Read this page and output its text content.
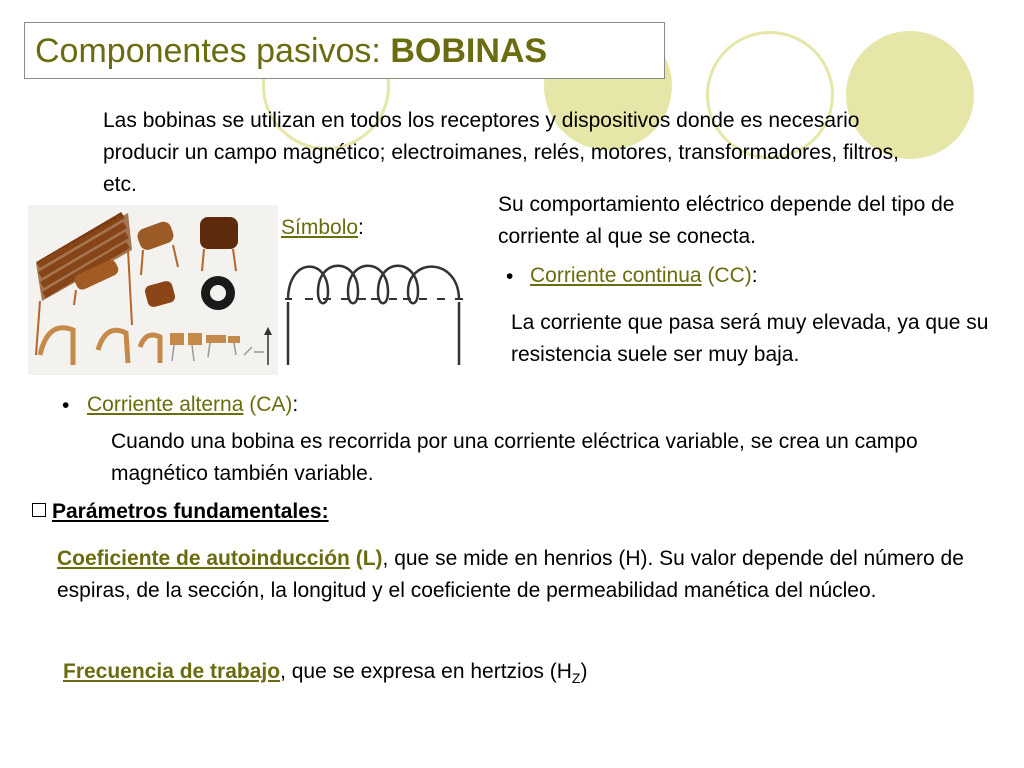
Componentes pasivos: BOBINAS
Las bobinas se utilizan en todos los receptores y dispositivos donde es necesario producir un campo magnético; electroimanes, relés, motores, transformadores, filtros, etc.
Símbolo:
Su comportamiento eléctrico depende del tipo de corriente al que se conecta.
• Corriente continua (CC):
La corriente que pasa será muy elevada, ya que su resistencia suele ser muy baja.
• Corriente alterna (CA):
Cuando una bobina es recorrida por una corriente eléctrica variable, se crea un campo magnético también variable.
Parámetros fundamentales:
Coeficiente de autoinducción (L), que se mide en henrios (H). Su valor depende del número de espiras, de la sección, la longitud y el coeficiente de permeabilidad manética del núcleo.
Frecuencia de trabajo, que se expresa en hertzios $(H_Z)$
